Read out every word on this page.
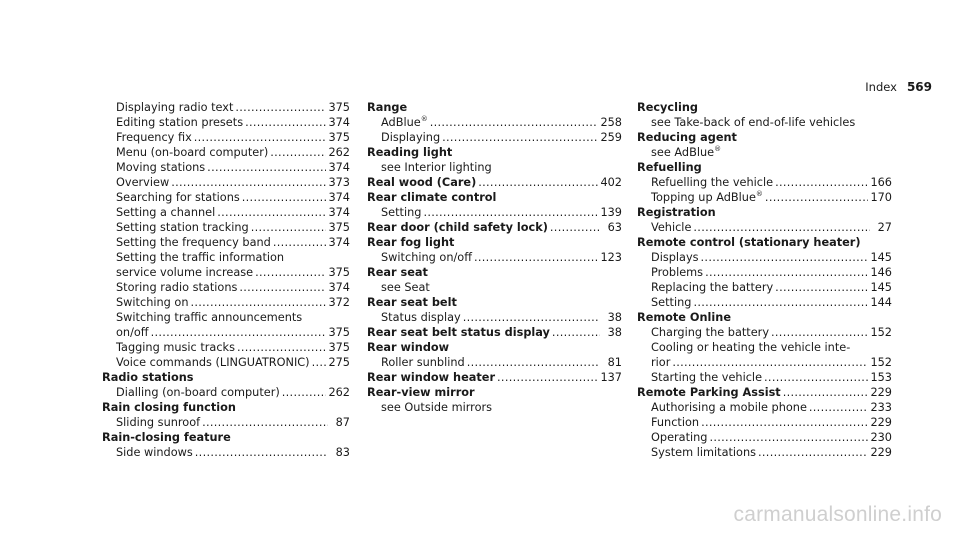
Index 569
Displaying radio text .....	375
Editing station presets .....	374
Frequency fix .....	375
Menu (on-board computer) .....	262
Moving stations .....	374
Overview .....	373
Searching for stations .....	374
Setting a channel .....	374
Setting station tracking .....	375
Setting the frequency band .....	374
Setting the traffic information
service volume increase .....	375
Storing radio stations .....	374
Switching on .....	372
Switching traffic announcements
on/off .....	375
Tagging music tracks .....	375
Voice commands (LINGUATRONIC) ..... 275
Radio stations
Dialling (on-board computer) .....	262
Rain closing function
Sliding sunroof .....	87
Rain-closing feature
Side windows .....	83
Range
AdBlue® .....	258
Displaying .....	259
Reading light
see Interior lighting
Real wood (Care) .....	402
Rear climate control
Setting .....	139
Rear door (child safety lock) .....	63
Rear fog light
Switching on/off .....	123
Rear seat
see Seat
Rear seat belt
Status display .....	38
Rear seat belt status display .....	38
Rear window
Roller sunblind .....	81
Rear window heater .....	137
Rear-view mirror
see Outside mirrors
Recycling
see Take-back of end-of-life vehicles
Reducing agent
see AdBlue®
Refuelling
Refuelling the vehicle .....	166
Topping up AdBlue® .....	170
Registration
Vehicle .....	27
Remote control (stationary heater)
Displays .....	145
Problems .....	146
Replacing the battery .....	145
Setting .....	144
Remote Online
Charging the battery .....	152
Cooling or heating the vehicle inte-
rior .....	152
Starting the vehicle .....	153
Remote Parking Assist .....	229
Authorising a mobile phone .....	233
Function .....	229
Operating .....	230
System limitations .....	229
carmanualsonline.info
